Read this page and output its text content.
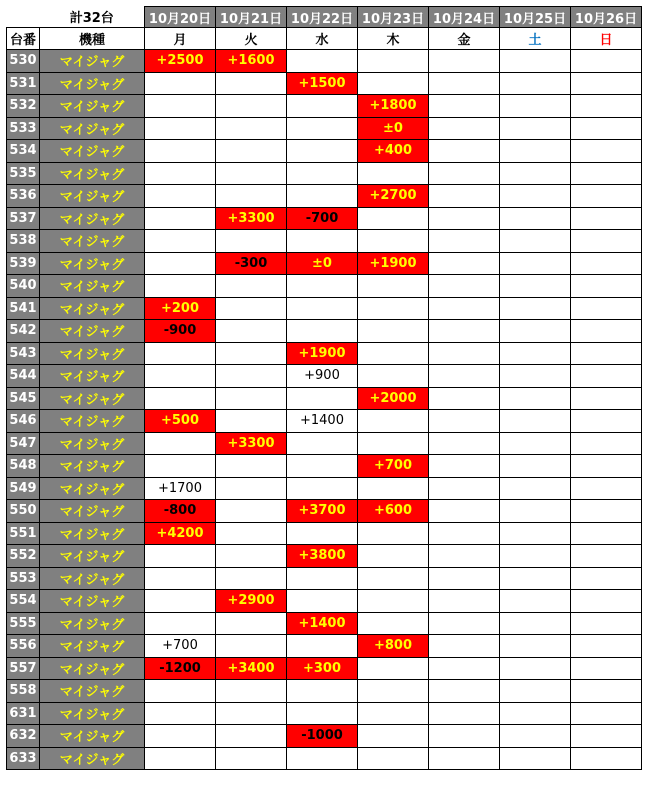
	計32台	10月20日	10月21日	10月22日	10月23日	10月24日	10月25日	10月26日
台番	機種	月	火	水	木	金	土	日
530	マイジャグ	+2500	+1600					
531	マイジャグ			+1500				
532	マイジャグ				+1800			
533	マイジャグ				±0			
534	マイジャグ				+400			
535	マイジャグ							
536	マイジャグ				+2700			
537	マイジャグ		+3300	-700				
538	マイジャグ							
539	マイジャグ		-300	±0	+1900			
540	マイジャグ							
541	マイジャグ	+200						
542	マイジャグ	-900						
543	マイジャグ			+1900				
544	マイジャグ			+900				
545	マイジャグ				+2000			
546	マイジャグ	+500		+1400				
547	マイジャグ		+3300					
548	マイジャグ				+700			
549	マイジャグ	+1700						
550	マイジャグ	-800		+3700	+600			
551	マイジャグ	+4200						
552	マイジャグ			+3800				
553	マイジャグ							
554	マイジャグ		+2900					
555	マイジャグ			+1400				
556	マイジャグ	+700			+800			
557	マイジャグ	-1200	+3400	+300				
558	マイジャグ							
631	マイジャグ							
632	マイジャグ			-1000				
633	マイジャグ							
